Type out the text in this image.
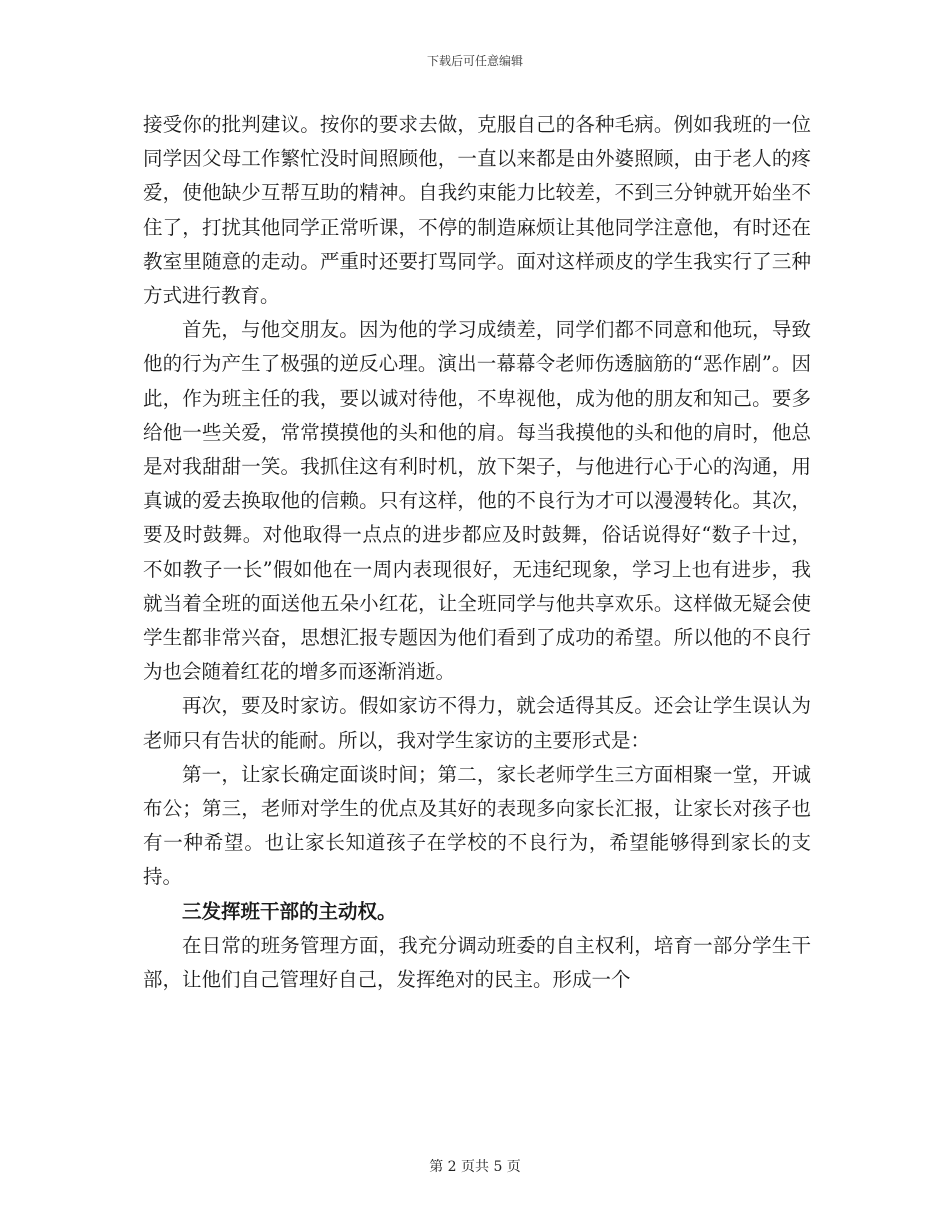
下载后可任意编辑

接受你的批判建议。按你的要求去做，克服自己的各种毛病。例如我班的一位同学因父母工作繁忙没时间照顾他，一直以来都是由外婆照顾，由于老人的疼爱，使他缺少互帮互助的精神。自我约束能力比较差，不到三分钟就开始坐不住了，打扰其他同学正常听课，不停的制造麻烦让其他同学注意他，有时还在教室里随意的走动。严重时还要打骂同学。面对这样顽皮的学生我实行了三种方式进行教育。

首先，与他交朋友。因为他的学习成绩差，同学们都不同意和他玩，导致他的行为产生了极强的逆反心理。演出一幕幕令老师伤透脑筋的“恶作剧”。因此，作为班主任的我，要以诚对待他，不卑视他，成为他的朋友和知己。要多给他一些关爱，常常摸摸他的头和他的肩。每当我摸他的头和他的肩时，他总是对我甜甜一笑。我抓住这有利时机，放下架子，与他进行心于心的沟通，用真诚的爱去换取他的信赖。只有这样，他的不良行为才可以漫漫转化。其次，要及时鼓舞。对他取得一点点的进步都应及时鼓舞，俗话说得好“数子十过，不如教子一长”假如他在一周内表现很好，无违纪现象，学习上也有进步，我就当着全班的面送他五朵小红花，让全班同学与他共享欢乐。这样做无疑会使学生都非常兴奋，思想汇报专题因为他们看到了成功的希望。所以他的不良行为也会随着红花的增多而逐渐消逝。

再次，要及时家访。假如家访不得力，就会适得其反。还会让学生误认为老师只有告状的能耐。所以，我对学生家访的主要形式是：

第一，让家长确定面谈时间；第二，家长老师学生三方面相聚一堂，开诚布公；第三，老师对学生的优点及其好的表现多向家长汇报，让家长对孩子也有一种希望。也让家长知道孩子在学校的不良行为，希望能够得到家长的支持。

三发挥班干部的主动权。

在日常的班务管理方面，我充分调动班委的自主权利，培育一部分学生干部，让他们自己管理好自己，发挥绝对的民主。形成一个

第 2 页共 5 页
